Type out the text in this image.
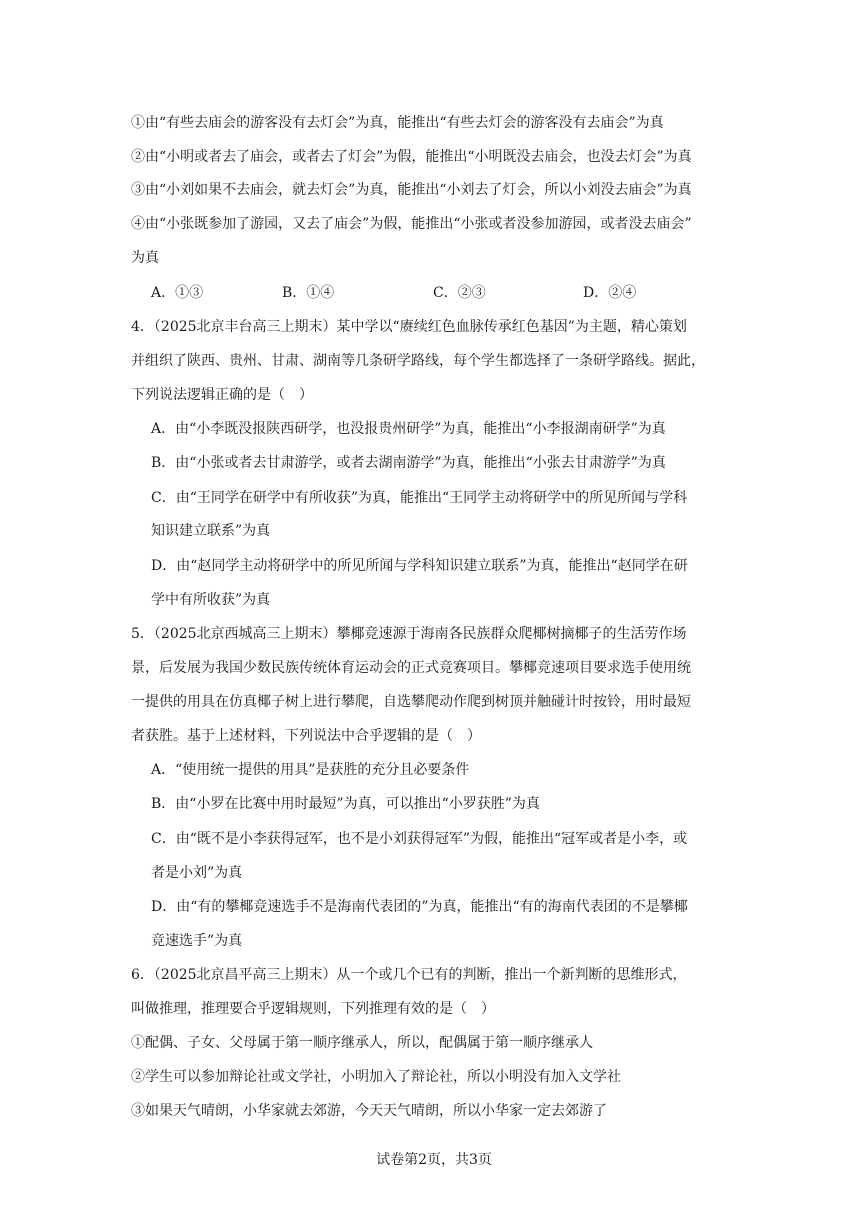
①由“有些去庙会的游客没有去灯会”为真，能推出“有些去灯会的游客没有去庙会”为真
②由“小明或者去了庙会，或者去了灯会”为假，能推出“小明既没去庙会，也没去灯会”为真
③由“小刘如果不去庙会，就去灯会”为真，能推出“小刘去了灯会，所以小刘没去庙会”为真
④由“小张既参加了游园，又去了庙会”为假，能推出“小张或者没参加游园，或者没去庙会”
为真
A．①③	B．①④	C．②③	D．②④
4．（2025北京丰台高三上期末）某中学以“赓续红色血脉传承红色基因”为主题，精心策划
并组织了陕西、贵州、甘肃、湖南等几条研学路线，每个学生都选择了一条研学路线。据此，
下列说法逻辑正确的是（　）
A．由“小李既没报陕西研学，也没报贵州研学”为真，能推出“小李报湖南研学”为真
B．由“小张或者去甘肃游学，或者去湖南游学”为真，能推出“小张去甘肃游学”为真
C．由“王同学在研学中有所收获”为真，能推出“王同学主动将研学中的所见所闻与学科
知识建立联系”为真
D．由“赵同学主动将研学中的所见所闻与学科知识建立联系”为真，能推出“赵同学在研
学中有所收获”为真
5．（2025北京西城高三上期末）攀椰竞速源于海南各民族群众爬椰树摘椰子的生活劳作场
景，后发展为我国少数民族传统体育运动会的正式竞赛项目。攀椰竞速项目要求选手使用统
一提供的用具在仿真椰子树上进行攀爬，自选攀爬动作爬到树顶并触碰计时按铃，用时最短
者获胜。基于上述材料，下列说法中合乎逻辑的是（　）
A．“使用统一提供的用具”是获胜的充分且必要条件
B．由“小罗在比赛中用时最短”为真，可以推出“小罗获胜”为真
C．由“既不是小李获得冠军，也不是小刘获得冠军”为假，能推出“冠军或者是小李，或
者是小刘”为真
D．由“有的攀椰竞速选手不是海南代表团的”为真，能推出“有的海南代表团的不是攀椰
竞速选手”为真
6．（2025北京昌平高三上期末）从一个或几个已有的判断，推出一个新判断的思维形式，
叫做推理，推理要合乎逻辑规则，下列推理有效的是（　）
①配偶、子女、父母属于第一顺序继承人，所以，配偶属于第一顺序继承人
②学生可以参加辩论社或文学社，小明加入了辩论社，所以小明没有加入文学社
③如果天气晴朗，小华家就去郊游，今天天气晴朗，所以小华家一定去郊游了
试卷第2页，共3页
